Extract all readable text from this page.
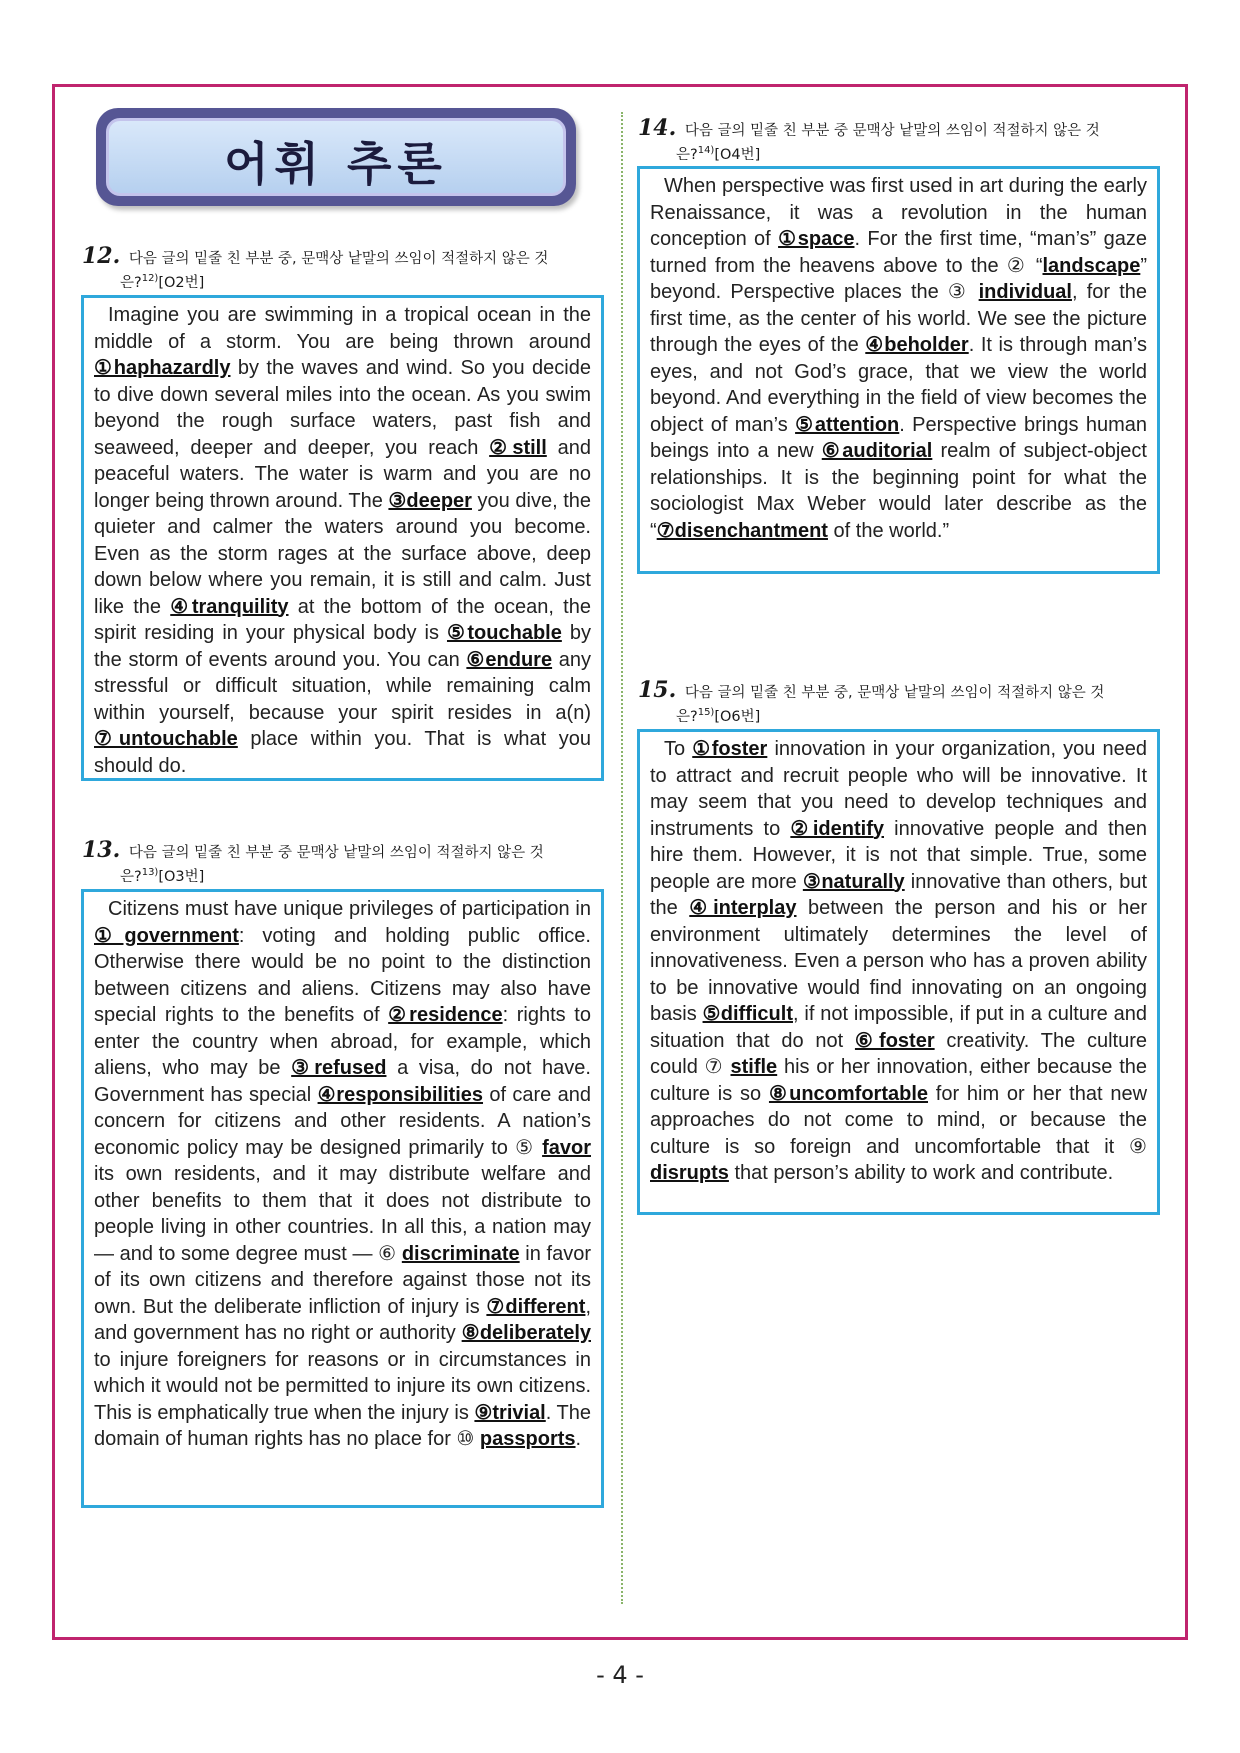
어휘 추론
12. 다음 글의 밑줄 친 부분 중, 문맥상 낱말의 쓰임이 적절하지 않은 것
은?$^{12)}$[O2번]
Imagine you are swimming in a tropical ocean in the middle of a storm. You are being thrown around ①haphazardly by the waves and wind. So you decide to dive down several miles into the ocean. As you swim beyond the rough surface waters, past fish and seaweed, deeper and deeper, you reach ②still and peaceful waters. The water is warm and you are no longer being thrown around. The ③deeper you dive, the quieter and calmer the waters around you become. Even as the storm rages at the surface above, deep down below where you remain, it is still and calm. Just like the ④tranquility at the bottom of the ocean, the spirit residing in your physical body is ⑤touchable by the storm of events around you. You can ⑥endure any stressful or difficult situation, while remaining calm within yourself, because your spirit resides in a(n) ⑦untouchable place within you. That is what you should do.
13. 다음 글의 밑줄 친 부분 중 문맥상 낱말의 쓰임이 적절하지 않은 것
은?$^{13)}$[O3번]
Citizens must have unique privileges of participation in ①government: voting and holding public office. Otherwise there would be no point to the distinction between citizens and aliens. Citizens may also have special rights to the benefits of ②residence: rights to enter the country when abroad, for example, which aliens, who may be ③refused a visa, do not have. Government has special ④responsibilities of care and concern for citizens and other residents. A nation’s economic policy may be designed primarily to ⑤ favor its own residents, and it may distribute welfare and other benefits to them that it does not distribute to people living in other countries. In all this, a nation may— and to some degree must — ⑥ discriminate in favor of its own citizens and therefore against those not its own. But the deliberate infliction of injury is ⑦different, and government has no right or authority ⑧deliberately to injure foreigners for reasons or in circumstances in which it would not be permitted to injure its own citizens. This is emphatically true when the injury is ⑨trivial. The domain of human rights has no place for ⑩ passports.
14. 다음 글의 밑줄 친 부분 중 문맥상 낱말의 쓰임이 적절하지 않은 것
은?$^{14)}$[O4번]
When perspective was first used in art during the early Renaissance, it was a revolution in the human conception of ①space. For the first time, “man’s” gaze turned from the heavens above to the ② “landscape” beyond. Perspective places the ③ individual, for the first time, as the center of his world. We see the picture through the eyes of the ④beholder. It is through man’s eyes, and not God’s grace, that we view the world beyond. And everything in the field of view becomes the object of man’s ⑤attention. Perspective brings human beings into a new ⑥auditorial realm of subject-object relationships. It is the beginning point for what the sociologist Max Weber would later describe as the “⑦disenchantment of the world.”
15. 다음 글의 밑줄 친 부분 중, 문맥상 낱말의 쓰임이 적절하지 않은 것
은?$^{15)}$[O6번]
To ①foster innovation in your organization, you need to attract and recruit people who will be innovative. It may seem that you need to develop techniques and instruments to ②identify innovative people and then hire them. However, it is not that simple. True, some people are more ③naturally innovative than others, but the ④interplay between the person and his or her environment ultimately determines the level of innovativeness. Even a person who has a proven ability to be innovative would find innovating on an ongoing basis ⑤difficult, if not impossible, if put in a culture and situation that do not ⑥foster creativity. The culture could ⑦ stifle his or her innovation, either because the culture is so ⑧uncomfortable for him or her that new approaches do not come to mind, or because the culture is so foreign and uncomfortable that it ⑨ disrupts that person’s ability to work and contribute.
- 4 -
